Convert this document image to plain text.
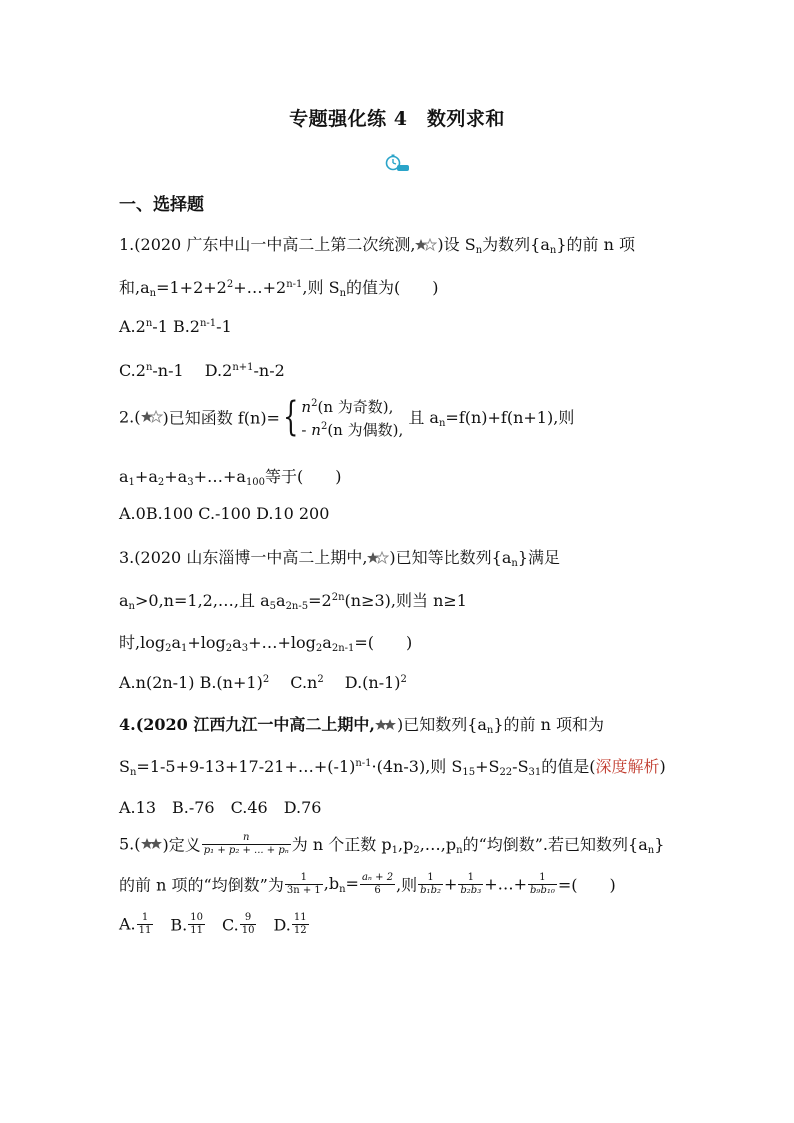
专题强化练 4　数列求和
一、选择题
1.(2020 广东中山一中高二上第二次统测, )设 $S_n$为数列$\{a_n\}$的前 n 项
和$,a_n=1+2+2^2+\dots+2^{n-1}$,则 $S_n$的值为(　　)
A.2$^n$-1 B.2$^{n-1}$-1
C.2$^n$-n-1　 $D.2^{n+1}-n-2$
2.( )已知函数 f(n)={ $n^2(n$ 为奇数),
- $n^2(n$ 为偶数),
且 $a_n=f(n)+f(n+1)$,则
$a_1+a_2+a_3+\dots+a_{100}$等于(　　)
A.0B.100 C.-100 D.10 200
3.(2020 山东淄博一中高二上期中, )已知等比数列$\{a_n\}$满足
$a_n>0,n=1,2,\dots$,且 $a_5a_{2n-5}=2^{2n}(n\ge 3)$,则当 n≥1
时$,\log_2a_1+\log_2a_3+\dots+\log_2a_{2n-1}=$(　　)
A.n(2n-1) $B.(n+1)^2$　 $C.n^2$　 $D.(n-1)^2$
4.(2020 江西九江一中高二上期中, )已知数列$\{a_n\}$的前 n 项和为
$S_n=1-5+9-13+17-21+\dots+(-1)^{n-1}\cdot(4n-3)$,则 $S_{15}+S_{22}-S_{31}$的值是(深度解析)
A.13　B.-76　C.46　D.76
5.( )定义 $\frac{n}{\text{p₁ + p₂ + ... + pₙ}}$ 为 n 个正数 $p_1,p_2,\dots,p_n$的“均倒数”.若已知数列$\{a_n\}$
的前 n 项的“均倒数”为 $\frac{1}{3n + 1} ,b_n= \frac{\text{aₙ + 2}}{6}$ ,则 $\frac{1}{\text{b₁b₂}} + \frac{1}{\text{b₂b₃}}$ +…+ $\frac{1}{\text{b₉b₁₀}}$ =(　　)
A. $\frac{1}{11}$ 　B. $\frac{10}{11}$ 　C. $\frac{9}{10}$ 　D. $\frac{11}{12}$
